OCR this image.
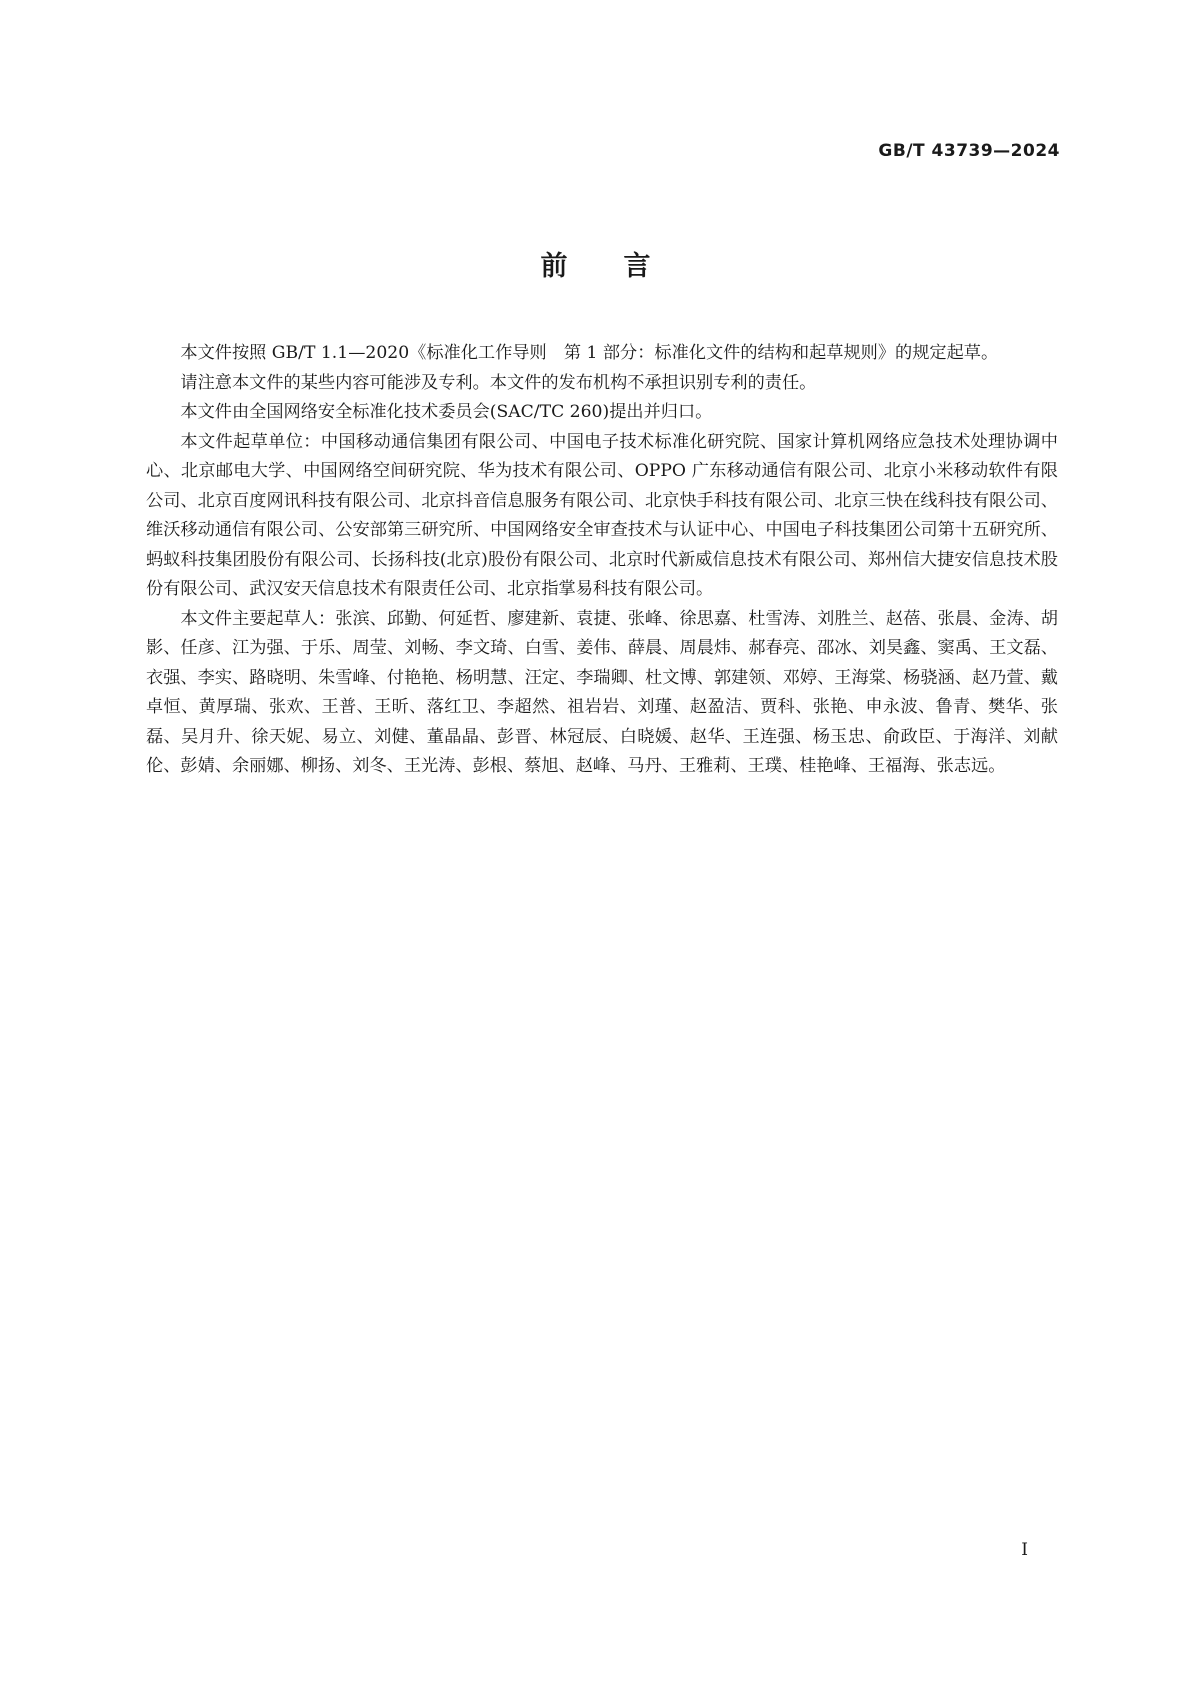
GB/T 43739—2024
前言

本文件按照 GB/T 1.1—2020《标准化工作导则　第 1 部分：标准化文件的结构和起草规则》的规定起草。

请注意本文件的某些内容可能涉及专利。本文件的发布机构不承担识别专利的责任。

本文件由全国网络安全标准化技术委员会(SAC/TC 260)提出并归口。

本文件起草单位：中国移动通信集团有限公司、中国电子技术标准化研究院、国家计算机网络应急技术处理协调中心、北京邮电大学、中国网络空间研究院、华为技术有限公司、OPPO 广东移动通信有限公司、北京小米移动软件有限公司、北京百度网讯科技有限公司、北京抖音信息服务有限公司、北京快手科技有限公司、北京三快在线科技有限公司、维沃移动通信有限公司、公安部第三研究所、中国网络安全审查技术与认证中心、中国电子科技集团公司第十五研究所、蚂蚁科技集团股份有限公司、长扬科技(北京)股份有限公司、北京时代新威信息技术有限公司、郑州信大捷安信息技术股份有限公司、武汉安天信息技术有限责任公司、北京指掌易科技有限公司。

本文件主要起草人：张滨、邱勤、何延哲、廖建新、袁捷、张峰、徐思嘉、杜雪涛、刘胜兰、赵蓓、张晨、金涛、胡影、任彦、江为强、于乐、周莹、刘畅、李文琦、白雪、姜伟、薛晨、周晨炜、郝春亮、邵冰、刘昊鑫、窦禹、王文磊、衣强、李实、路晓明、朱雪峰、付艳艳、杨明慧、汪定、李瑞卿、杜文博、郭建领、邓婷、王海棠、杨骁涵、赵乃萱、戴卓恒、黄厚瑞、张欢、王普、王昕、落红卫、李超然、祖岩岩、刘瑾、赵盈洁、贾科、张艳、申永波、鲁青、樊华、张磊、吴月升、徐天妮、易立、刘健、董晶晶、彭晋、林冠辰、白晓媛、赵华、王连强、杨玉忠、俞政臣、于海洋、刘献伦、彭婧、余丽娜、柳扬、刘冬、王光涛、彭根、蔡旭、赵峰、马丹、王雅莉、王璞、桂艳峰、王福海、张志远。

I
